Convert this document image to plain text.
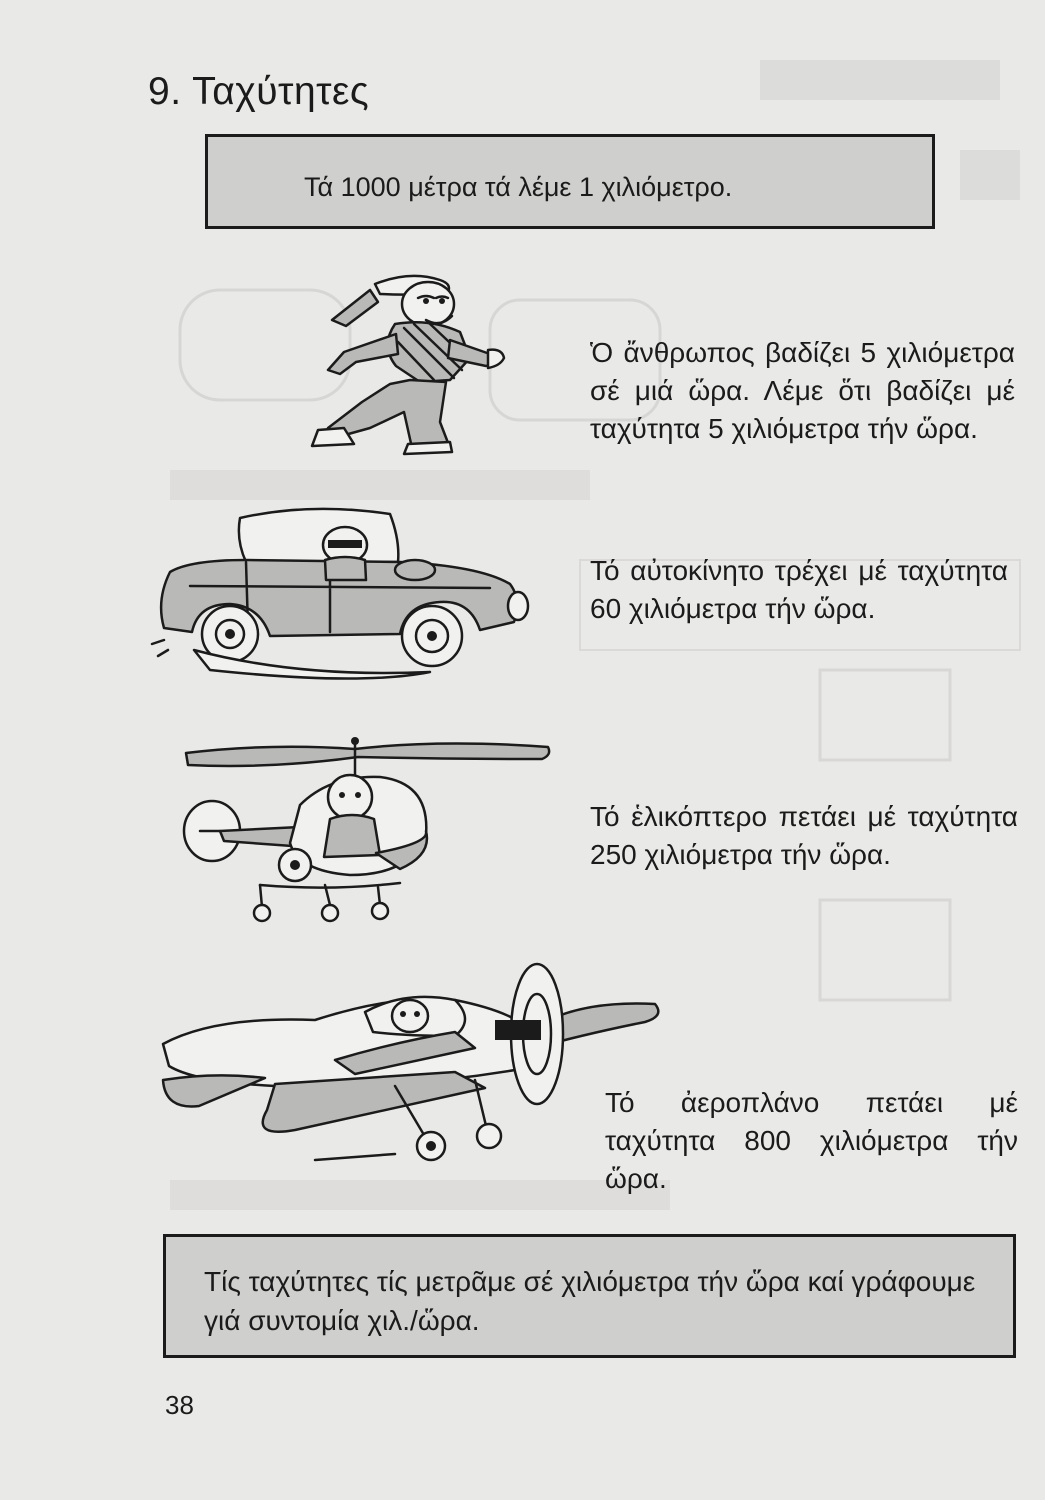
9. Ταχύτητες

Τά 1000 μέτρα τά λέμε 1 χιλιόμετρο.

Ὁ ἄνθρωπος βαδίζει 5 χιλιόμετρα σέ μιά ὥρα. Λέμε ὅτι βαδίζει μέ ταχύτητα 5 χιλιόμετρα τήν ὥρα.

Τό αὐτοκίνητο τρέχει μέ ταχύτητα 60 χιλιόμετρα τήν ὥρα.

Τό ἑλικόπτερο πετάει μέ ταχύτητα 250 χιλιόμετρα τήν ὥρα.

Τό ἀεροπλάνο πετάει μέ ταχύτητα 800 χιλιόμετρα τήν ὥρα.

Τίς ταχύτητες τίς μετρᾶμε σέ χιλιόμετρα τήν ὥρα καί γράφουμε γιά συντομία χιλ./ὥρα.

38
